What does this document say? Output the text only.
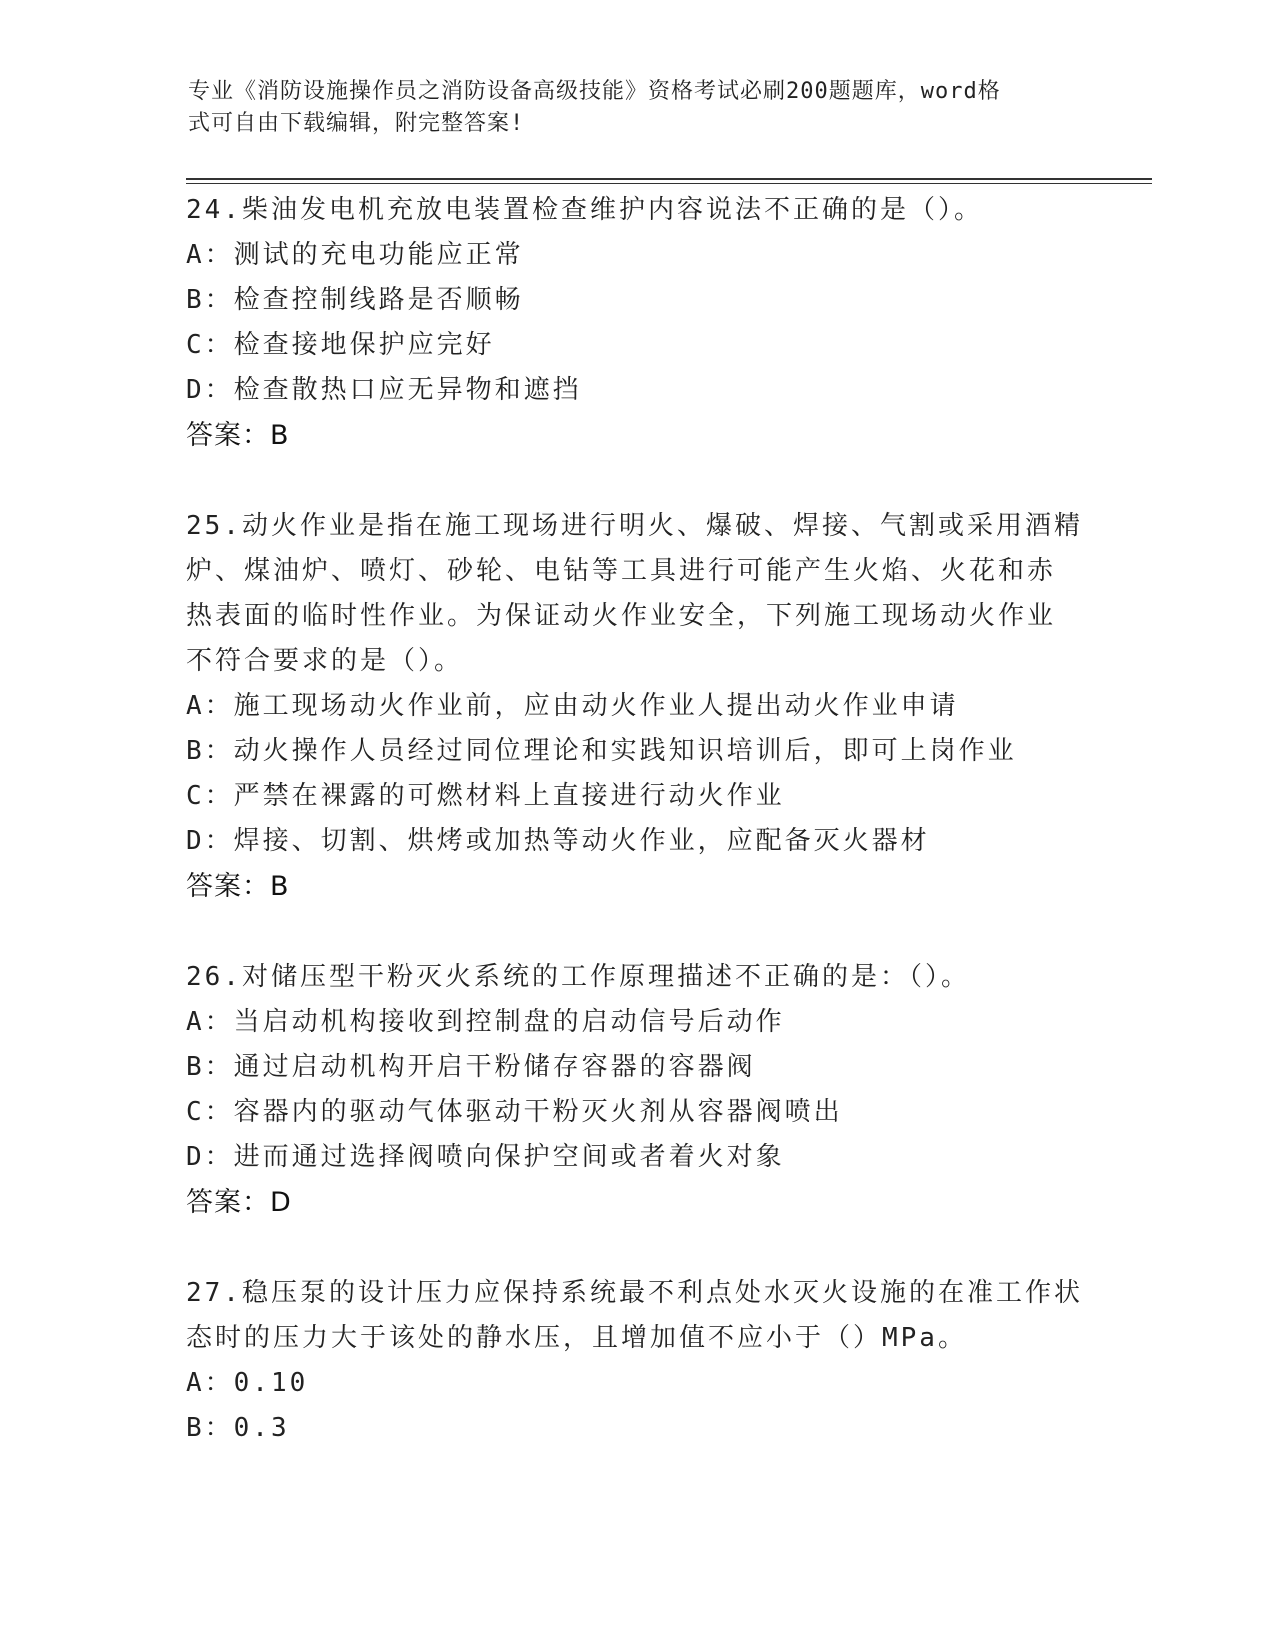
专业《消防设施操作员之消防设备高级技能》资格考试必刷200题题库，word格
式可自由下载编辑，附完整答案!
24.柴油发电机充放电装置检查维护内容说法不正确的是（）。
A：测试的充电功能应正常
B：检查控制线路是否顺畅
C：检查接地保护应完好
D：检查散热口应无异物和遮挡
答案：B
25.动火作业是指在施工现场进行明火、爆破、焊接、气割或采用酒精
炉、煤油炉、喷灯、砂轮、电钻等工具进行可能产生火焰、火花和赤
热表面的临时性作业。为保证动火作业安全，下列施工现场动火作业
不符合要求的是（）。
A：施工现场动火作业前，应由动火作业人提出动火作业申请
B：动火操作人员经过同位理论和实践知识培训后，即可上岗作业
C：严禁在裸露的可燃材料上直接进行动火作业
D：焊接、切割、烘烤或加热等动火作业，应配备灭火器材
答案：B
26.对储压型干粉灭火系统的工作原理描述不正确的是：（）。
A：当启动机构接收到控制盘的启动信号后动作
B：通过启动机构开启干粉储存容器的容器阀
C：容器内的驱动气体驱动干粉灭火剂从容器阀喷出
D：进而通过选择阀喷向保护空间或者着火对象
答案：D
27.稳压泵的设计压力应保持系统最不利点处水灭火设施的在准工作状
态时的压力大于该处的静水压，且增加值不应小于（）MPa。
A：0.10
B：0.3
